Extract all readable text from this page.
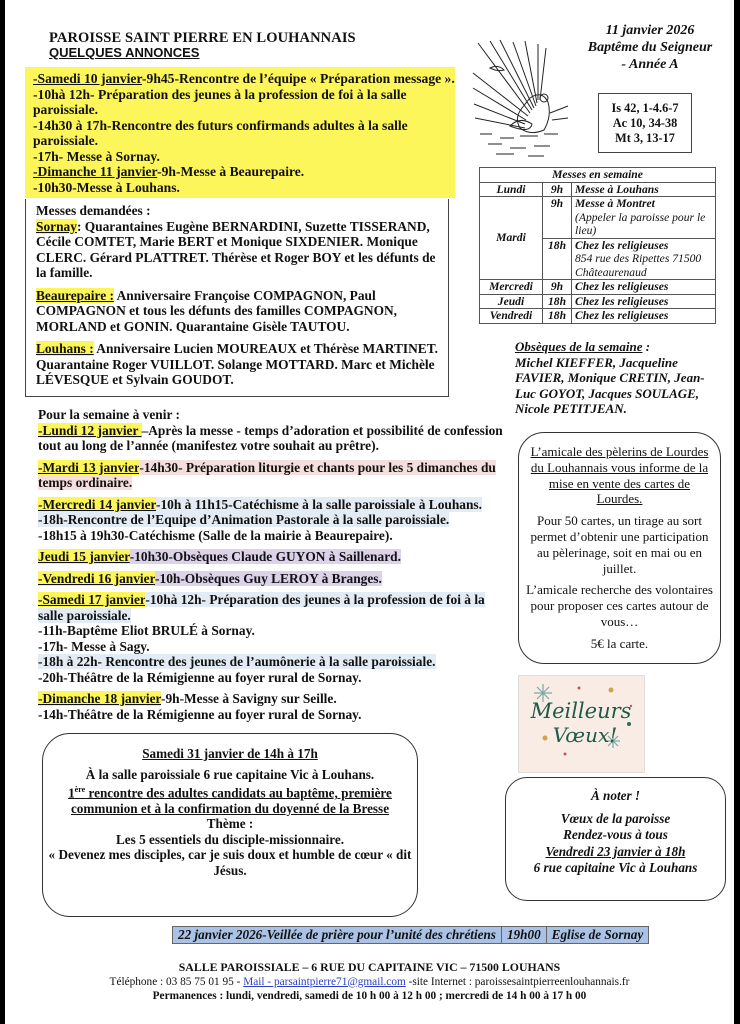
PAROISSE SAINT PIERRE EN LOUHANNAIS
QUELQUES ANNONCES
-Samedi 10 janvier-9h45-Rencontre de l’équipe « Préparation message ».
-10hà 12h- Préparation des jeunes à la profession de foi à la salle paroissiale.
-14h30 à 17h-Rencontre des futurs confirmands adultes à la salle paroissiale.
-17h- Messe à Sornay.
-Dimanche 11 janvier-9h-Messe à Beaurepaire.
-10h30-Messe à Louhans.
Messes demandées :

Sornay: Quarantaines Eugène BERNARDINI, Suzette TISSERAND, Cécile COMTET, Marie BERT et Monique SIXDENIER. Monique CLERC. Gérard PLATTRET. Thérèse et Roger BOY et les défunts de la famille.

Beaurepaire : Anniversaire Françoise COMPAGNON, Paul COMPAGNON et tous les défunts des familles COMPAGNON, MORLAND et GONIN. Quarantaine Gisèle TAUTOU.

Louhans : Anniversaire Lucien MOUREAUX et Thérèse MARTINET. Quarantaine Roger VUILLOT. Solange MOTTARD. Marc et Michèle LÉVESQUE et Sylvain GOUDOT.

11 janvier 2026
Baptême du Seigneur
- Année A
Is 42, 1-4.6-7
Ac 10, 34-38
Mt 3, 13-17
Messes en semaine		
Lundi	9h	Messe à Louhans
Mardi	9h	Messe à Montret
(Appeler la paroisse pour le lieu)

	18h	Chez les religieuses
854 rue des Ripettes 71500 Châteaurenaud

Mercredi	9h	Chez les religieuses
Jeudi	18h	Chez les religieuses
Vendredi	18h	Chez les religieuses
Obsèques de la semaine :
Michel KIEFFER, Jacqueline FAVIER, Monique CRETIN, Jean-Luc GOYOT, Jacques SOULAGE, Nicole PETITJEAN.
Pour la semaine à venir :
-Lundi 12 janvier –Après la messe - temps d’adoration et possibilité de confession tout au long de l’année (manifestez votre souhait au prêtre).
-Mardi 13 janvier-14h30- Préparation liturgie et chants pour les 5 dimanches du temps ordinaire.
-Mercredi 14 janvier-10h à 11h15-Catéchisme à la salle paroissiale à Louhans.
-18h-Rencontre de l’Equipe d’Animation Pastorale à la salle paroissiale.
-18h15 à 19h30-Catéchisme (Salle de la mairie à Beaurepaire).
Jeudi 15 janvier-10h30-Obsèques Claude GUYON à Saillenard.
-Vendredi 16 janvier-10h-Obsèques Guy LEROY à Branges.
-Samedi 17 janvier-10hà 12h- Préparation des jeunes à la profession de foi à la salle paroissiale.
-11h-Baptême Eliot BRULÉ à Sornay.
-17h- Messe à Sagy.
-18h à 22h- Rencontre des jeunes de l’aumônerie à la salle paroissiale.
-20h-Théâtre de la Rémigienne au foyer rural de Sornay.
-Dimanche 18 janvier-9h-Messe à Savigny sur Seille.
-14h-Théâtre de la Rémigienne au foyer rural de Sornay.

L’amicale des pèlerins de Lourdes du Louhannais vous informe de la mise en vente des cartes de Lourdes.

Pour 50 cartes, un tirage au sort permet d’obtenir une participation au pèlerinage, soit en mai ou en juillet.

L’amicale recherche des volontaires pour proposer ces cartes autour de vous…

5€ la carte.

Meilleurs
Vœux!
À noter !
Vœux de la paroisse
Rendez-vous à tous
Vendredi 23 janvier à 18h
6 rue capitaine Vic à Louhans
Samedi 31 janvier de 14h à 17h
À la salle paroissiale 6 rue capitaine Vic à Louhans.
1ère rencontre des adultes candidats au baptême, première communion et à la confirmation du doyenné de la Bresse
Thème :
Les 5 essentiels du disciple-missionnaire.
« Devenez mes disciples, car je suis doux et humble de cœur « dit Jésus.
22 janvier 2026-Veillée de prière pour l’unité des chrétiens	19h00	Eglise de Sornay
SALLE PAROISSIALE – 6 RUE DU CAPITAINE VIC – 71500 LOUHANS
Téléphone : 03 85 75 01 95 - Mail - parsaintpierre71@gmail.com -site Internet : paroissesaintpierreenlouhannais.fr
Permanences : lundi, vendredi, samedi de 10 h 00 à 12 h 00 ; mercredi de 14 h 00 à 17 h 00
